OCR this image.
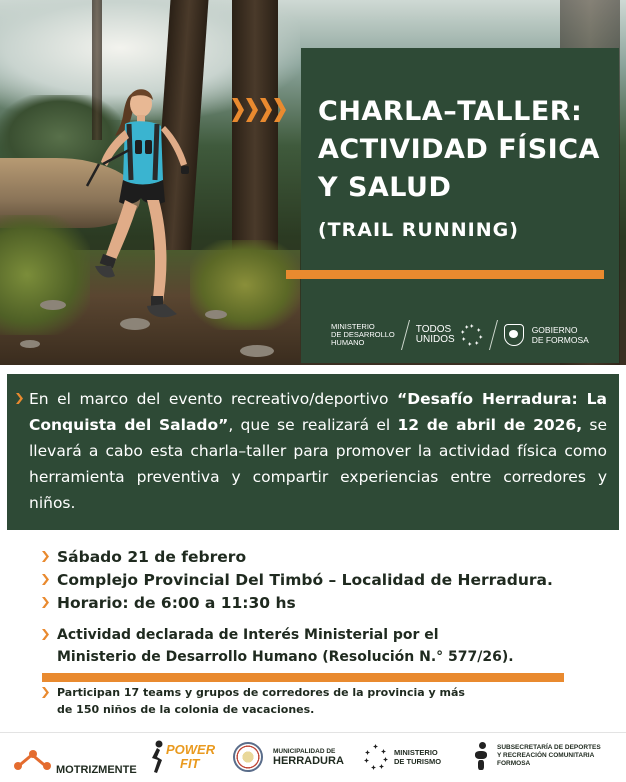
CHARLA–TALLER:
ACTIVIDAD FÍSICA
Y SALUD
(TRAIL RUNNING)
MINISTERIO
DE DESARROLLO
HUMANO
TODOS
UNIDOS
GOBIERNO
DE FORMOSA

En el marco del evento recreativo/deportivo “Desafío Herradura: La Conquista del Salado”, que se realizará el 12 de abril de 2026, se llevará a cabo esta charla–taller para promover la actividad física como herramienta preventiva y compartir experiencias entre corredores y niños.

Sábado 21 de febrero
Complejo Provincial Del Timbó – Localidad de Herradura.
Horario: de 6:00 a 11:30 hs
Actividad declarada de Interés Ministerial por el
Ministerio de Desarrollo Humano (Resolución N.° 577/26).
Participan 17 teams y grupos de corredores de la provincia y más
de 150 niños de la colonia de vacaciones.
MOTRIZMENTE
POWER
FIT
MUNICIPALIDAD DE
HERRADURA
MINISTERIO
DE TURISMO
SUBSECRETARÍA DE DEPORTES
Y RECREACIÓN COMUNITARIA
FORMOSA
